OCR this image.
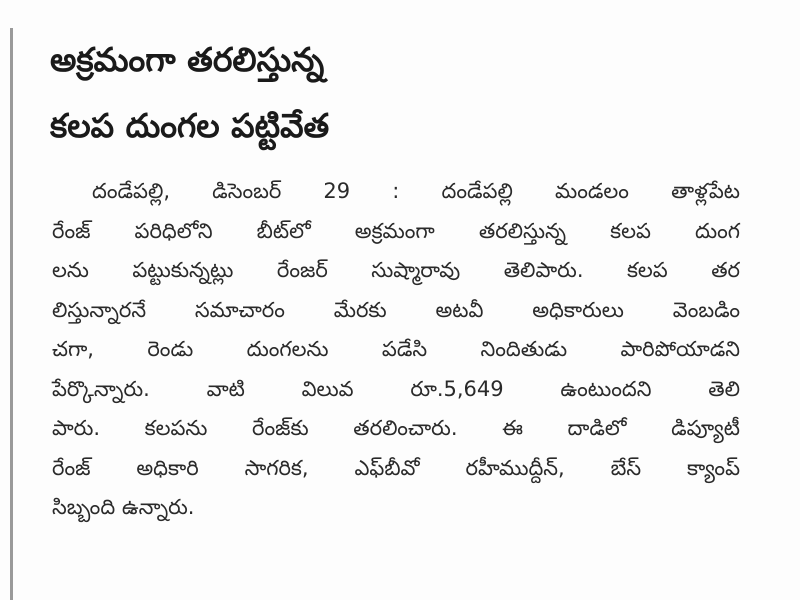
అక్రమంగా తరలిస్తున్న
కలప దుంగల పట్టివేత
దండేపల్లి, డిసెంబర్ 29 : దండేపల్లి మండలం తాళ్లపేట
రేంజ్ పరిధిలోని బీట్‌లో అక్రమంగా తరలిస్తున్న కలప దుంగ
లను పట్టుకున్నట్లు రేంజర్ సుష్మారావు తెలిపారు. కలప తర
లిస్తున్నారనే సమాచారం మేరకు అటవీ అధికారులు వెంబడిం
చగా, రెండు దుంగలను పడేసి నిందితుడు పారిపోయాడని
పేర్కొన్నారు. వాటి విలువ రూ.5,649 ఉంటుందని తెలి
పారు. కలపను రేంజ్‌కు తరలించారు. ఈ దాడిలో డిప్యూటీ
రేంజ్ అధికారి సాగరిక, ఎఫ్‌బీవో రహీముద్దీన్, బేస్ క్యాంప్
సిబ్బంది ఉన్నారు.
